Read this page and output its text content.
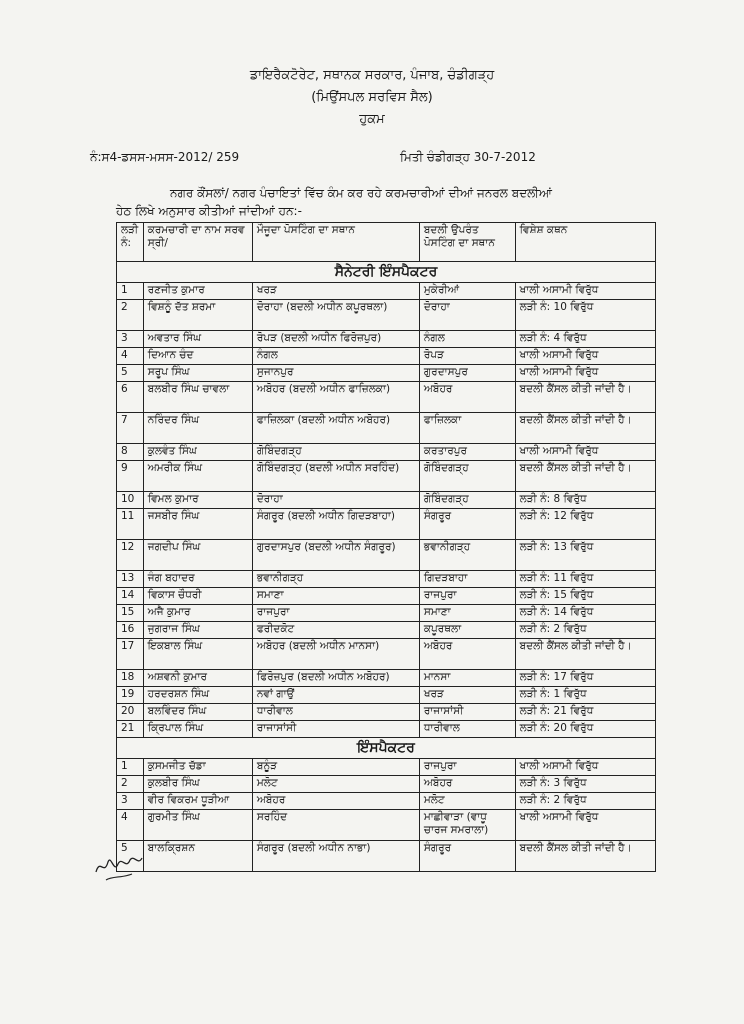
ਡਾਇਰੈਕਟੋਰੇਟ, ਸਥਾਨਕ ਸਰਕਾਰ, ਪੰਜਾਬ, ਚੰਡੀਗੜ੍ਹ
(ਮਿਉਂਸਪਲ ਸਰਵਿਸ ਸੈਲ)
ਹੁਕਮ
ਨੰ:ਸ4-ਡਸਸ-ਮਸਸ-2012/ 259	ਮਿਤੀ ਚੰਡੀਗੜ੍ਹ 30-7-2012
ਨਗਰ ਕੌਂਸਲਾਂ/ ਨਗਰ ਪੰਚਾਇਤਾਂ ਵਿੱਚ ਕੰਮ ਕਰ ਰਹੇ ਕਰਮਚਾਰੀਆਂ ਦੀਆਂ ਜਨਰਲ ਬਦਲੀਆਂ
ਹੇਠ ਲਿਖੇ ਅਨੁਸਾਰ ਕੀਤੀਆਂ ਜਾਂਦੀਆਂ ਹਨ:-
ਲੜੀ ਨੰ:	ਕਰਮਚਾਰੀ ਦਾ ਨਾਮ ਸਰਵ ਸ੍ਰੀ/	ਮੌਜੂਦਾ ਪੋਸਟਿੰਗ ਦਾ ਸਥਾਨ	ਬਦਲੀ ਉਪਰੰਤ ਪੋਸਟਿੰਗ ਦਾ ਸਥਾਨ	ਵਿਸ਼ੇਸ਼ ਕਥਨ
ਸੈਨੇਟਰੀ ਇੰਸਪੈਕਟਰ				
1	ਰਣਜੀਤ ਕੁਮਾਰ	ਖਰੜ	ਮੁਕੇਰੀਆਂ	ਖਾਲੀ ਅਸਾਮੀ ਵਿਰੁੱਧ
2	ਵਿਸ਼ਨੂੰ ਦੱਤ ਸ਼ਰਮਾ	ਦੋਰਾਹਾ (ਬਦਲੀ ਅਧੀਨ ਕਪੂਰਥਲਾ)	ਦੋਰਾਹਾ	ਲੜੀ ਨੰ: 10 ਵਿਰੁੱਧ
3	ਅਵਤਾਰ ਸਿੰਘ	ਰੋਪੜ (ਬਦਲੀ ਅਧੀਨ ਫਿਰੋਜ਼ਪੁਰ)	ਨੰਗਲ	ਲੜੀ ਨੰ: 4 ਵਿਰੁੱਧ
4	ਦਿਆਨ ਚੰਦ	ਨੰਗਲ	ਰੋਪੜ	ਖਾਲੀ ਅਸਾਮੀ ਵਿਰੁੱਧ
5	ਸਰੂਪ ਸਿੰਘ	ਸੁਜਾਨਪੁਰ	ਗੁਰਦਾਸਪੁਰ	ਖਾਲੀ ਅਸਾਮੀ ਵਿਰੁੱਧ
6	ਬਲਬੀਰ ਸਿੰਘ ਚਾਵਲਾ	ਅਬੋਹਰ (ਬਦਲੀ ਅਧੀਨ ਫਾਜ਼ਿਲਕਾ)	ਅਬੋਹਰ	ਬਦਲੀ ਕੈਂਸਲ ਕੀਤੀ ਜਾਂਦੀ ਹੈ।
7	ਨਰਿੰਦਰ ਸਿੰਘ	ਫਾਜ਼ਿਲਕਾ (ਬਦਲੀ ਅਧੀਨ ਅਬੋਹਰ)	ਫਾਜ਼ਿਲਕਾ	ਬਦਲੀ ਕੈਂਸਲ ਕੀਤੀ ਜਾਂਦੀ ਹੈ।
8	ਕੁਲਵੰਤ ਸਿੰਘ	ਗੋਬਿੰਦਗੜ੍ਹ	ਕਰਤਾਰਪੁਰ	ਖਾਲੀ ਅਸਾਮੀ ਵਿਰੁੱਧ
9	ਅਮਰੀਕ ਸਿੰਘ	ਗੋਬਿੰਦਗੜ੍ਹ (ਬਦਲੀ ਅਧੀਨ ਸਰਹਿੰਦ)	ਗੋਬਿੰਦਗੜ੍ਹ	ਬਦਲੀ ਕੈਂਸਲ ਕੀਤੀ ਜਾਂਦੀ ਹੈ।
10	ਵਿਮਲ ਕੁਮਾਰ	ਦੋਰਾਹਾ	ਗੋਬਿੰਦਗੜ੍ਹ	ਲੜੀ ਨੰ: 8 ਵਿਰੁੱਧ
11	ਜਸਬੀਰ ਸਿੰਘ	ਸੰਗਰੂਰ (ਬਦਲੀ ਅਧੀਨ ਗਿਦੜਬਾਹਾ)	ਸੰਗਰੂਰ	ਲੜੀ ਨੰ: 12 ਵਿਰੁੱਧ
12	ਜਗਦੀਪ ਸਿੰਘ	ਗੁਰਦਾਸਪੁਰ (ਬਦਲੀ ਅਧੀਨ ਸੰਗਰੂਰ)	ਭਵਾਨੀਗੜ੍ਹ	ਲੜੀ ਨੰ: 13 ਵਿਰੁੱਧ
13	ਜੰਗ ਬਹਾਦਰ	ਭਵਾਨੀਗੜ੍ਹ	ਗਿਦੜਬਾਹਾ	ਲੜੀ ਨੰ: 11 ਵਿਰੁੱਧ
14	ਵਿਕਾਸ ਚੌਧਰੀ	ਸਮਾਣਾ	ਰਾਜਪੁਰਾ	ਲੜੀ ਨੰ: 15 ਵਿਰੁੱਧ
15	ਅਜੈ ਕੁਮਾਰ	ਰਾਜਪੁਰਾ	ਸਮਾਣਾ	ਲੜੀ ਨੰ: 14 ਵਿਰੁੱਧ
16	ਜੁਗਰਾਜ ਸਿੰਘ	ਫਰੀਦਕੋਟ	ਕਪੂਰਥਲਾ	ਲੜੀ ਨੰ: 2 ਵਿਰੁੱਧ
17	ਇਕਬਾਲ ਸਿੰਘ	ਅਬੋਹਰ (ਬਦਲੀ ਅਧੀਨ ਮਾਨਸਾ)	ਅਬੋਹਰ	ਬਦਲੀ ਕੈਂਸਲ ਕੀਤੀ ਜਾਂਦੀ ਹੈ।
18	ਅਸ਼ਵਨੀ ਕੁਮਾਰ	ਫਿਰੋਜ਼ਪੁਰ (ਬਦਲੀ ਅਧੀਨ ਅਬੋਹਰ)	ਮਾਨਸਾ	ਲੜੀ ਨੰ: 17 ਵਿਰੁੱਧ
19	ਹਰਦਰਸ਼ਨ ਸਿੰਘ	ਨਵਾਂ ਗਾਉਂ	ਖਰੜ	ਲੜੀ ਨੰ: 1 ਵਿਰੁੱਧ
20	ਬਲਵਿੰਦਰ ਸਿੰਘ	ਧਾਰੀਵਾਲ	ਰਾਜਾਸਾਂਸੀ	ਲੜੀ ਨੰ: 21 ਵਿਰੁੱਧ
21	ਕ੍ਰਿਪਾਲ ਸਿੰਘ	ਰਾਜਾਸਾਂਸੀ	ਧਾਰੀਵਾਲ	ਲੜੀ ਨੰ: 20 ਵਿਰੁੱਧ
ਇੰਸਪੈਕਟਰ				
1	ਕੁਸਮਜੀਤ ਚੱਡਾ	ਬਨੂੰੜ	ਰਾਜਪੁਰਾ	ਖਾਲੀ ਅਸਾਮੀ ਵਿਰੁੱਧ
2	ਕੁਲਬੀਰ ਸਿੰਘ	ਮਲੋਟ	ਅਬੋਹਰ	ਲੜੀ ਨੰ: 3 ਵਿਰੁੱਧ
3	ਵੀਰ ਵਿਕਰਮ ਧੂੜੀਆ	ਅਬੋਹਰ	ਮਲੋਟ	ਲੜੀ ਨੰ: 2 ਵਿਰੁੱਧ
4	ਗੁਰਮੀਤ ਸਿੰਘ	ਸਰਹਿੰਦ	ਮਾਛੀਵਾੜਾ (ਵਾਧੂ ਚਾਰਜ ਸਮਰਾਲਾ)	ਖਾਲੀ ਅਸਾਮੀ ਵਿਰੁੱਧ
5	ਬਾਲਕ੍ਰਿਸ਼ਨ	ਸੰਗਰੂਰ (ਬਦਲੀ ਅਧੀਨ ਨਾਭਾ)	ਸੰਗਰੂਰ	ਬਦਲੀ ਕੈਂਸਲ ਕੀਤੀ ਜਾਂਦੀ ਹੈ।
